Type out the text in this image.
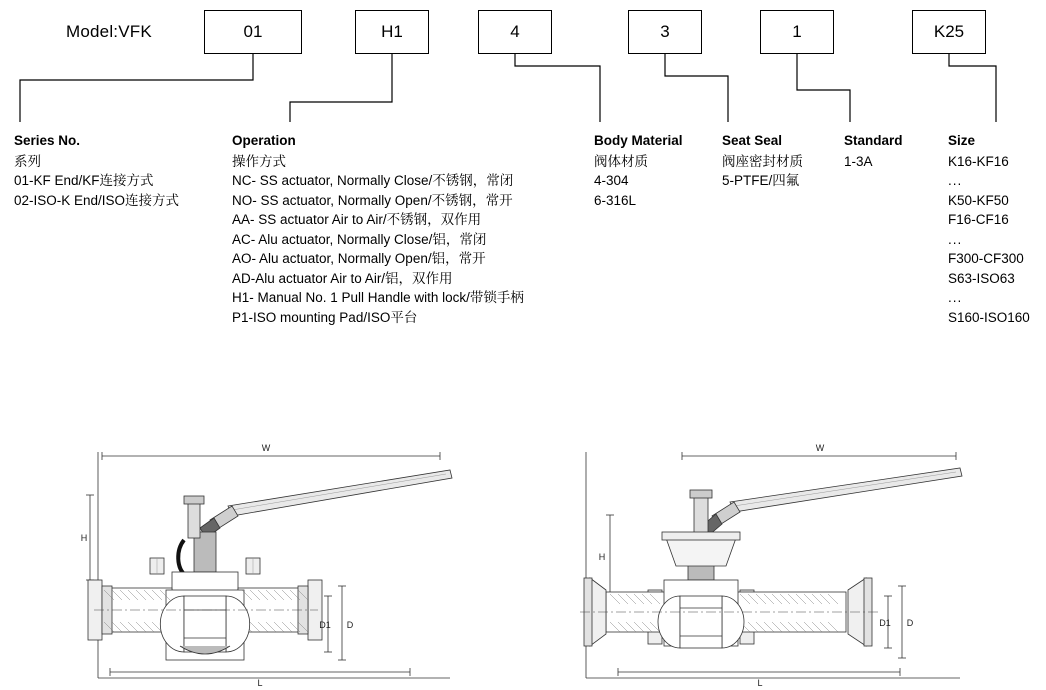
Model:VFK	01	H1	4	3	1	K25
Series No.
系列
01-KF End/KF连接方式
02-ISO-K End/ISO连接方式
Operation
操作方式
NC- SS actuator, Normally Close/不锈钢，常闭
NO- SS actuator, Normally Open/不锈钢，常开
AA- SS actuator Air to Air/不锈钢，双作用
AC- Alu actuator, Normally Close/铝，常闭
AO- Alu actuator, Normally Open/铝，常开
AD-Alu actuator Air to Air/铝，双作用
H1- Manual No. 1 Pull Handle with lock/带锁手柄
P1-ISO mounting Pad/ISO平台
Body Material
阀体材质
4-304
6-316L
Seat Seal
阀座密封材质
5-PTFE/四氟
Standard
1-3A
Size
K16-KF16
...
K50-KF50
F16-CF16
...
F300-CF300
S63-ISO63
...
S160-ISO160
W
H
L
D1 D
W
H
L
D1 D
